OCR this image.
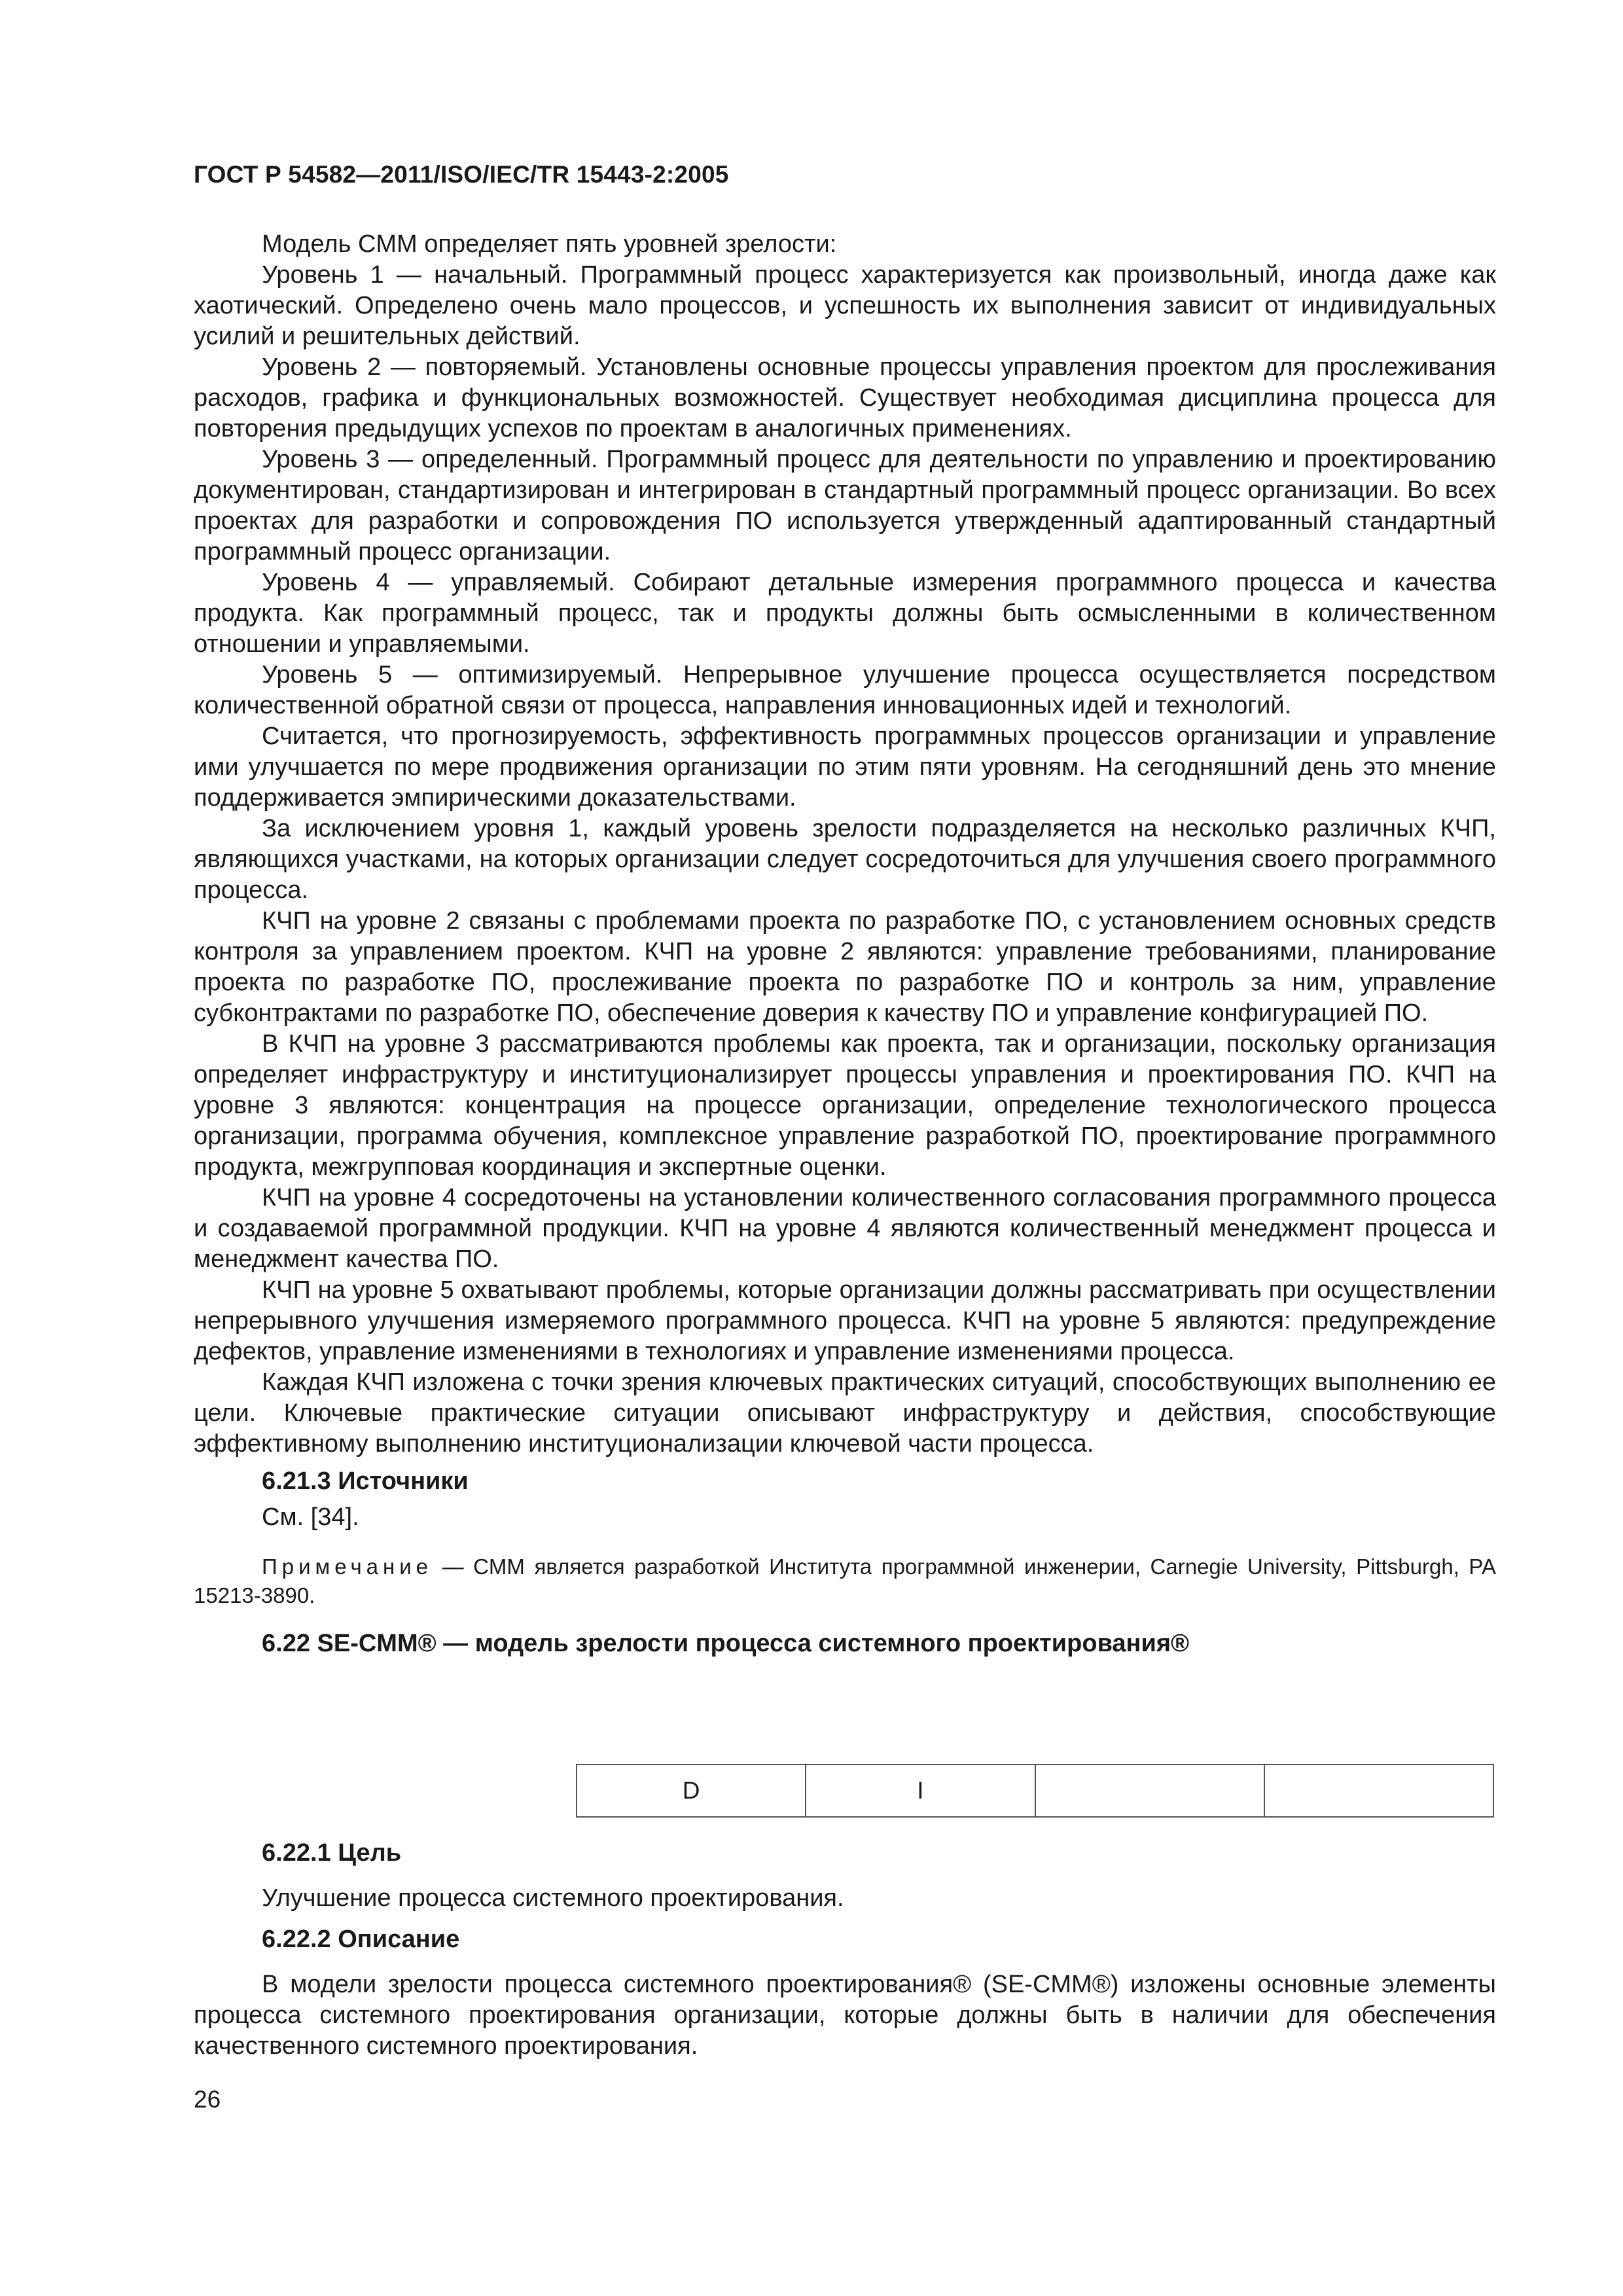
ГОСТ Р 54582—2011/ISO/IEC/TR 15443-2:2005

Модель CMM определяет пять уровней зрелости:

Уровень 1 — начальный. Программный процесс характеризуется как произвольный, иногда даже как хаотический. Определено очень мало процессов, и успешность их выполнения зависит от индивидуальных усилий и решительных действий.

Уровень 2 — повторяемый. Установлены основные процессы управления проектом для прослеживания расходов, графика и функциональных возможностей. Существует необходимая дисциплина процесса для повторения предыдущих успехов по проектам в аналогичных применениях.

Уровень 3 — определенный. Программный процесс для деятельности по управлению и проектированию документирован, стандартизирован и интегрирован в стандартный программный процесс организации. Во всех проектах для разработки и сопровождения ПО используется утвержденный адаптированный стандартный программный процесс организации.

Уровень 4 — управляемый. Собирают детальные измерения программного процесса и качества продукта. Как программный процесс, так и продукты должны быть осмысленными в количественном отношении и управляемыми.

Уровень 5 — оптимизируемый. Непрерывное улучшение процесса осуществляется посредством количественной обратной связи от процесса, направления инновационных идей и технологий.

Считается, что прогнозируемость, эффективность программных процессов организации и управление ими улучшается по мере продвижения организации по этим пяти уровням. На сегодняшний день это мнение поддерживается эмпирическими доказательствами.

За исключением уровня 1, каждый уровень зрелости подразделяется на несколько различных КЧП, являющихся участками, на которых организации следует сосредоточиться для улучшения своего программного процесса.

КЧП на уровне 2 связаны с проблемами проекта по разработке ПО, с установлением основных средств контроля за управлением проектом. КЧП на уровне 2 являются: управление требованиями, планирование проекта по разработке ПО, прослеживание проекта по разработке ПО и контроль за ним, управление субконтрактами по разработке ПО, обеспечение доверия к качеству ПО и управление конфигурацией ПО.

В КЧП на уровне 3 рассматриваются проблемы как проекта, так и организации, поскольку организация определяет инфраструктуру и институционализирует процессы управления и проектирования ПО. КЧП на уровне 3 являются: концентрация на процессе организации, определение технологического процесса организации, программа обучения, комплексное управление разработкой ПО, проектирование программного продукта, межгрупповая координация и экспертные оценки.

КЧП на уровне 4 сосредоточены на установлении количественного согласования программного процесса и создаваемой программной продукции. КЧП на уровне 4 являются количественный менеджмент процесса и менеджмент качества ПО.

КЧП на уровне 5 охватывают проблемы, которые организации должны рассматривать при осуществлении непрерывного улучшения измеряемого программного процесса. КЧП на уровне 5 являются: предупреждение дефектов, управление изменениями в технологиях и управление изменениями процесса.

Каждая КЧП изложена с точки зрения ключевых практических ситуаций, способствующих выполнению ее цели. Ключевые практические ситуации описывают инфраструктуру и действия, способствующие эффективному выполнению институционализации ключевой части процесса.

6.21.3 Источники

См. [34].

Примечание — CMM является разработкой Института программной инженерии, Carnegie University, Pittsburgh, PA 15213-3890.

6.22 SE-CMM® — модель зрелости процесса системного проектирования®
D	I		
6.22.1 Цель

Улучшение процесса системного проектирования.

6.22.2 Описание

В модели зрелости процесса системного проектирования® (SE-CMM®) изложены основные элементы процесса системного проектирования организации, которые должны быть в наличии для обеспечения качественного системного проектирования.

26
